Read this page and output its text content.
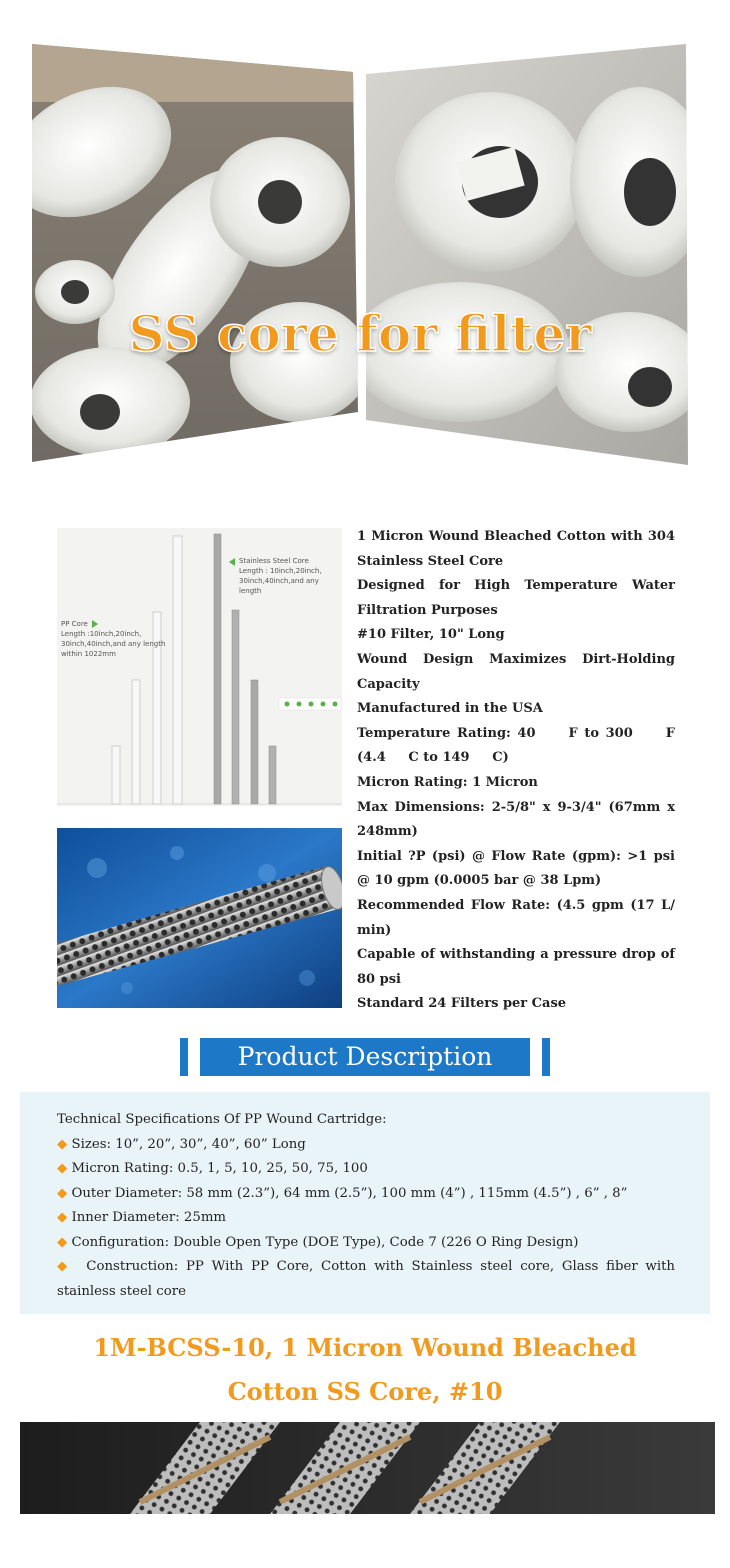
SS core for filter
PP Core
Length :10inch,20inch,
30inch,40inch,and any length
within 1022mm
Stainless Steel Core
Length : 10inch,20inch,
30inch,40inch,and any length

1 Micron Wound Bleached Cotton with 304 Stainless Steel Core

Designed for High Temperature Water Filtration Purposes

#10 Filter, 10" Long

Wound Design Maximizes Dirt-Holding Capacity

Manufactured in the USA

Temperature Rating: 40     F to 300     F (4.4     C to 149     C)

Micron Rating: 1 Micron

Max Dimensions: 2-5/8" x 9-3/4" (67mm x 248mm)

Initial ?P (psi) @ Flow Rate (gpm): >1 psi @ 10 gpm (0.0005 bar @ 38 Lpm)

Recommended Flow Rate: (4.5 gpm (17 L/ min)

Capable of withstanding a pressure drop of 80 psi

Standard 24 Filters per Case

Product Description

Technical Specifications Of PP Wound Cartridge:

◆ Sizes: 10”, 20”, 30”, 40”, 60” Long

◆ Micron Rating: 0.5, 1, 5, 10, 25, 50, 75, 100

◆ Outer Diameter: 58 mm (2.3”), 64 mm (2.5”), 100 mm (4”) , 115mm (4.5”) , 6” , 8”

◆ Inner Diameter: 25mm

◆ Configuration: Double Open Type (DOE Type), Code 7 (226 O Ring Design)

◆ Construction: PP With PP Core, Cotton with Stainless steel core, Glass fiber with stainless steel core

1M-BCSS-10, 1 Micron Wound Bleached
Cotton SS Core, #10
